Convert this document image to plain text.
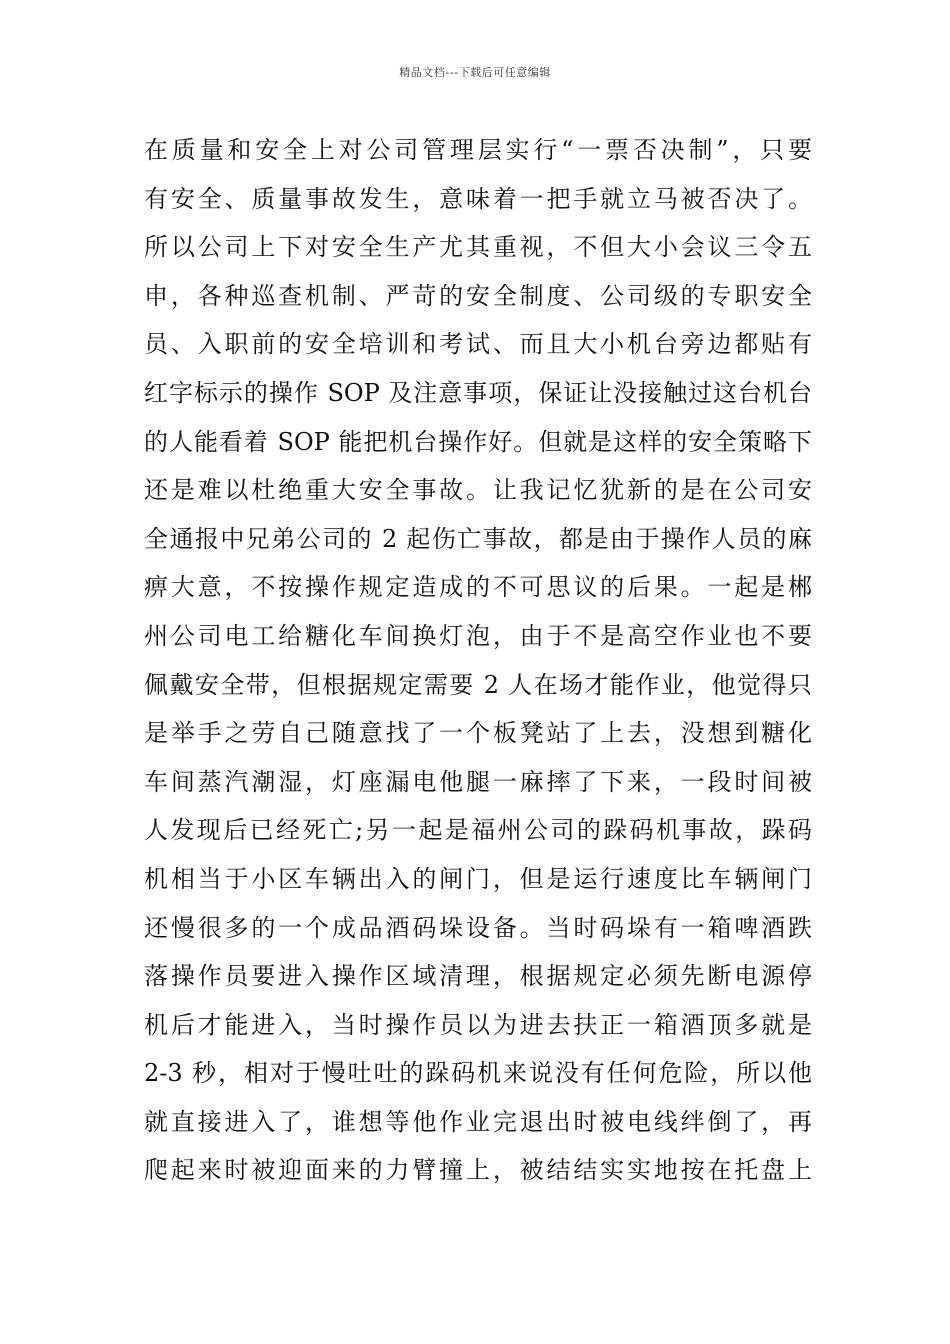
精品文档---下载后可任意编辑
在质量和安全上对公司管理层实行“一票否决制”，只要
有安全、质量事故发生，意味着一把手就立马被否决了。
所以公司上下对安全生产尤其重视，不但大小会议三令五
申，各种巡查机制、严苛的安全制度、公司级的专职安全
员、入职前的安全培训和考试、而且大小机台旁边都贴有
红字标示的操作 SOP 及注意事项，保证让没接触过这台机台
的人能看着 SOP 能把机台操作好。但就是这样的安全策略下
还是难以杜绝重大安全事故。让我记忆犹新的是在公司安
全通报中兄弟公司的 2 起伤亡事故，都是由于操作人员的麻
痹大意，不按操作规定造成的不可思议的后果。一起是郴
州公司电工给糖化车间换灯泡，由于不是高空作业也不要
佩戴安全带，但根据规定需要 2 人在场才能作业，他觉得只
是举手之劳自己随意找了一个板凳站了上去，没想到糖化
车间蒸汽潮湿，灯座漏电他腿一麻摔了下来，一段时间被
人发现后已经死亡;另一起是福州公司的跺码机事故，跺码
机相当于小区车辆出入的闸门，但是运行速度比车辆闸门
还慢很多的一个成品酒码垛设备。当时码垛有一箱啤酒跌
落操作员要进入操作区域清理，根据规定必须先断电源停
机后才能进入，当时操作员以为进去扶正一箱酒顶多就是
2-3 秒，相对于慢吐吐的跺码机来说没有任何危险，所以他
就直接进入了，谁想等他作业完退出时被电线绊倒了，再
爬起来时被迎面来的力臂撞上，被结结实实地按在托盘上
